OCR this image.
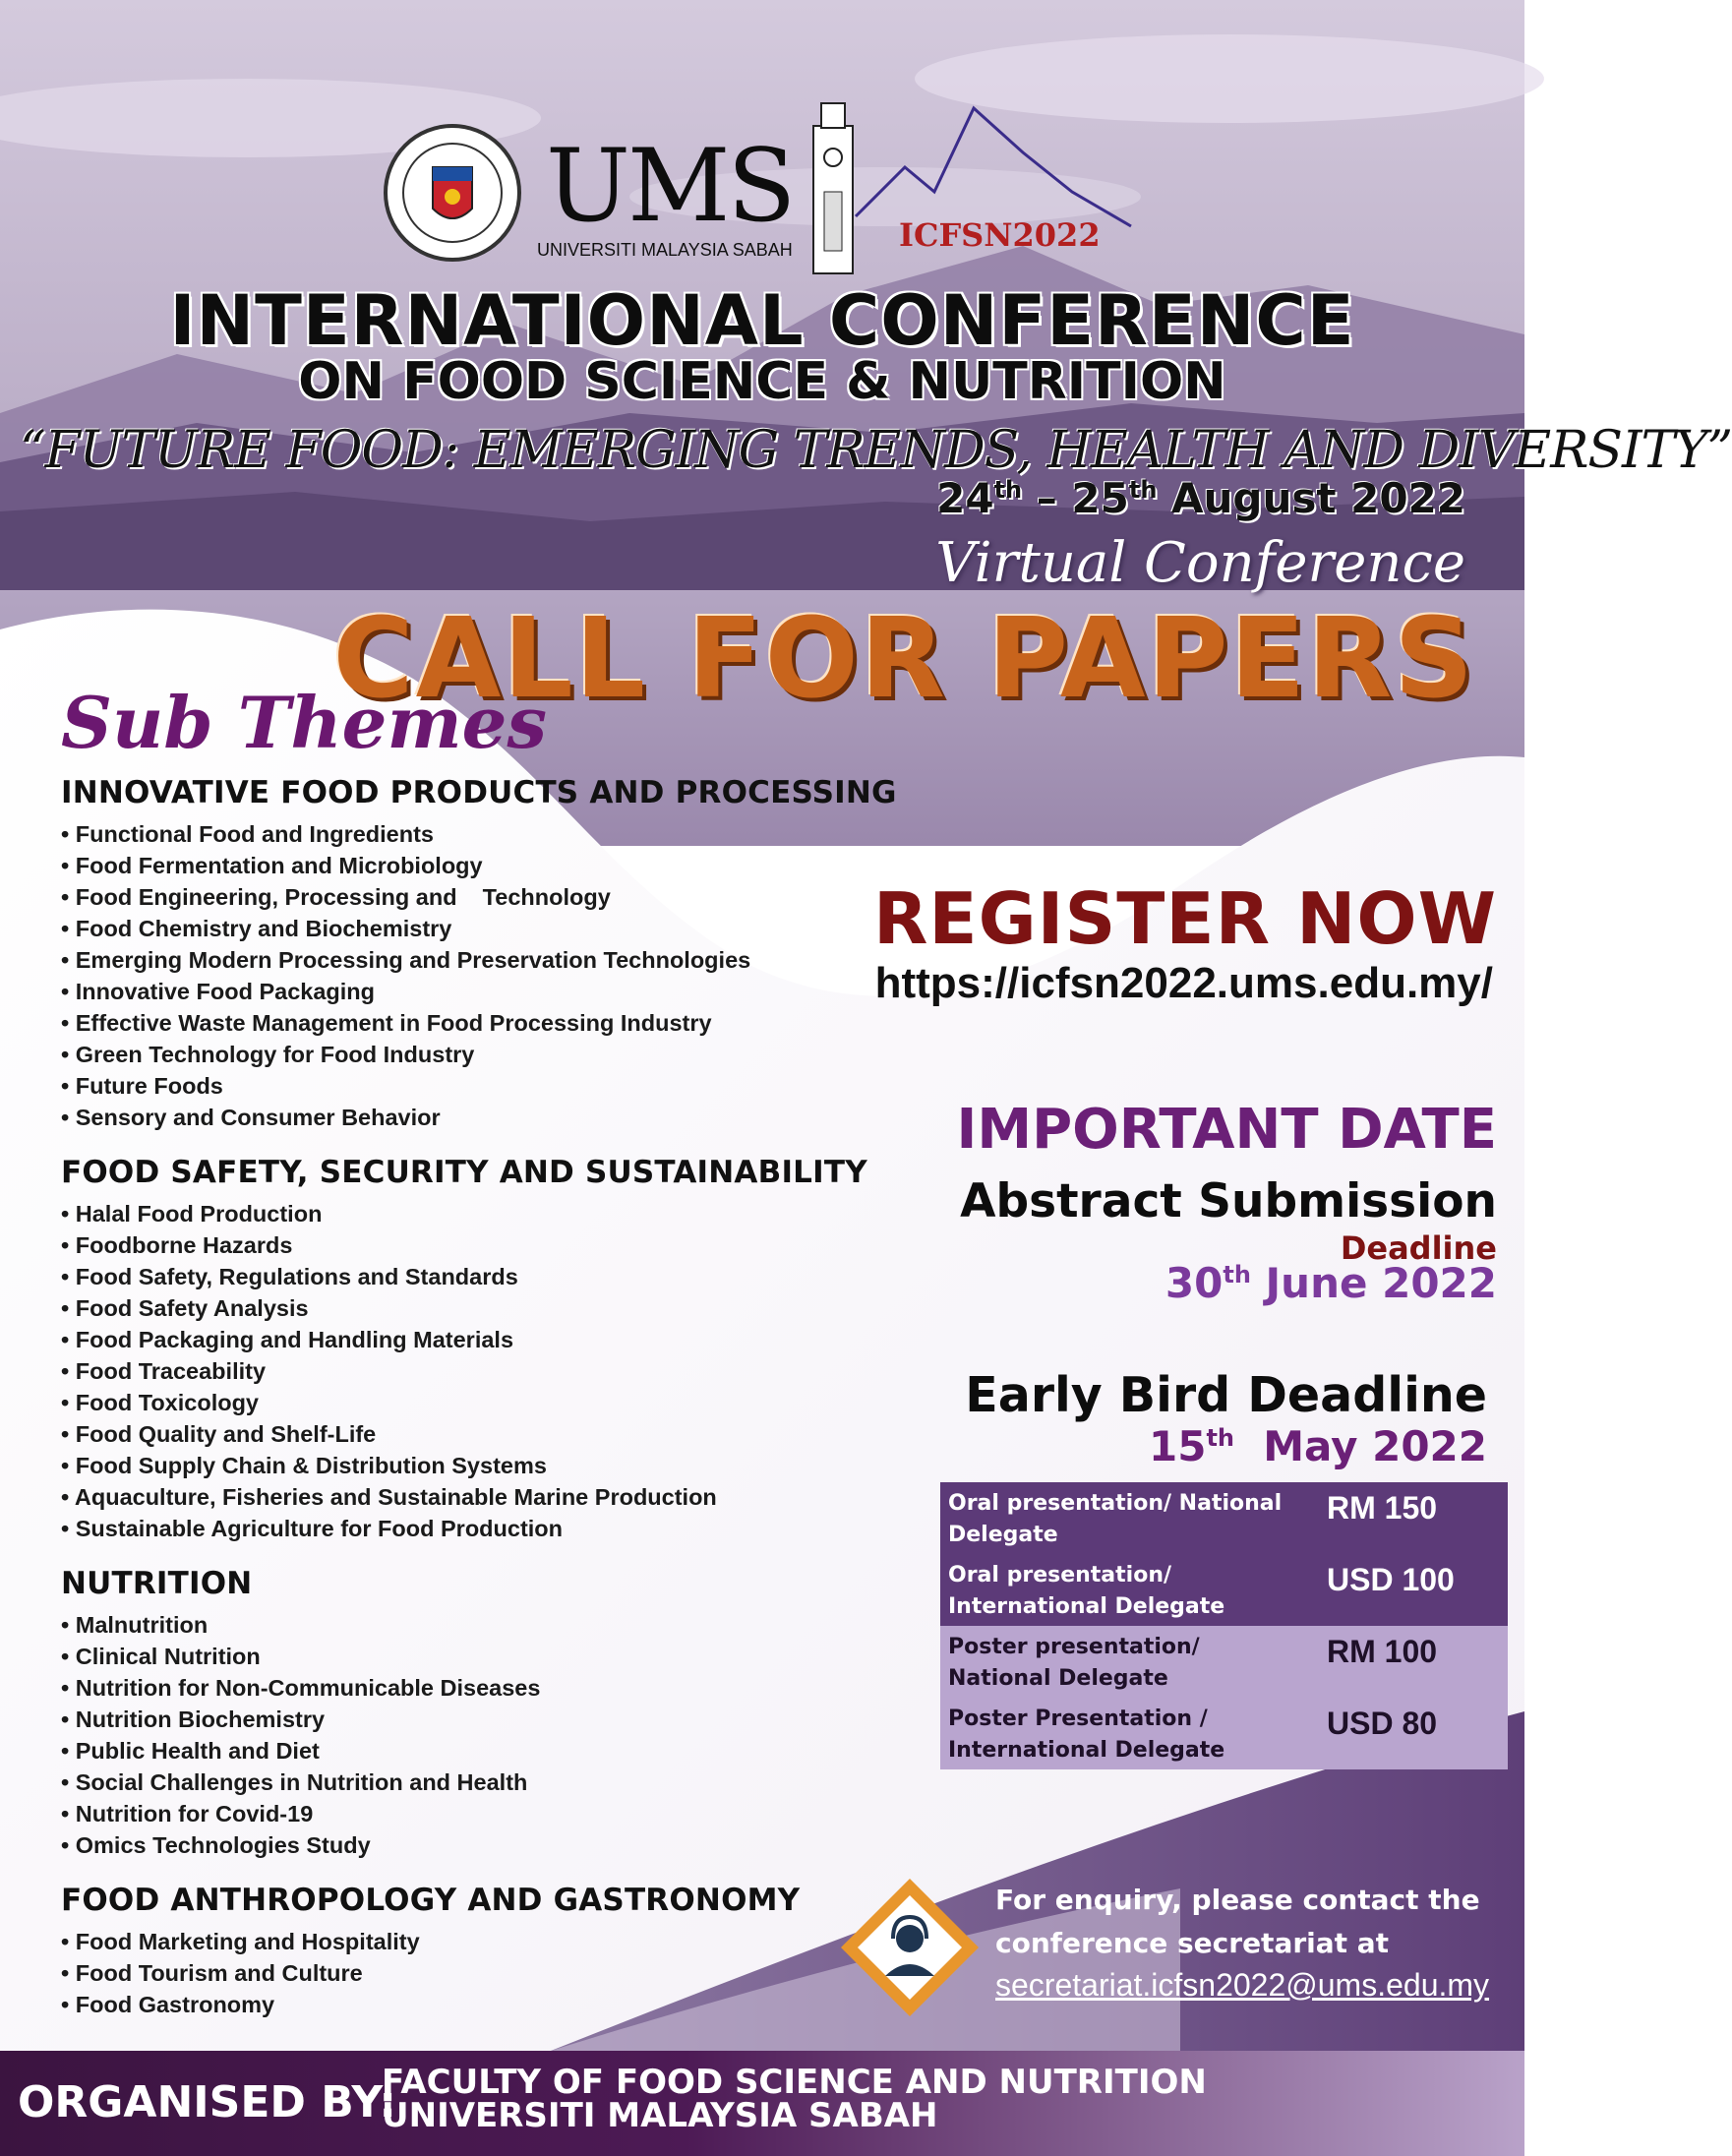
UMS
UNIVERSITI MALAYSIA SABAH	ICFSN2022
INTERNATIONAL CONFERENCE
ON FOOD SCIENCE & NUTRITION
“FUTURE FOOD: EMERGING TRENDS, HEALTH AND DIVERSITY”
24th – 25th August 2022
Virtual Conference
CALL FOR PAPERS
Sub Themes
INNOVATIVE FOOD PRODUCTS AND PROCESSING
• Functional Food and Ingredients
• Food Fermentation and Microbiology
• Food Engineering, Processing and    Technology
• Food Chemistry and Biochemistry
• Emerging Modern Processing and Preservation Technologies
• Innovative Food Packaging
• Effective Waste Management in Food Processing Industry
• Green Technology for Food Industry
• Future Foods
• Sensory and Consumer Behavior
FOOD SAFETY, SECURITY AND SUSTAINABILITY
• Halal Food Production
• Foodborne Hazards
• Food Safety, Regulations and Standards
• Food Safety Analysis
• Food Packaging and Handling Materials
• Food Traceability
• Food Toxicology
• Food Quality and Shelf-Life
• Food Supply Chain & Distribution Systems
• Aquaculture, Fisheries and Sustainable Marine Production
• Sustainable Agriculture for Food Production
NUTRITION
• Malnutrition
• Clinical Nutrition
• Nutrition for Non-Communicable Diseases
• Nutrition Biochemistry
• Public Health and Diet
• Social Challenges in Nutrition and Health
• Nutrition for Covid-19
• Omics Technologies Study
FOOD ANTHROPOLOGY AND GASTRONOMY
• Food Marketing and Hospitality
• Food Tourism and Culture
• Food Gastronomy
REGISTER NOW
https://icfsn2022.ums.edu.my/
IMPORTANT DATE
Abstract Submission
Deadline
30th June 2022
Early Bird Deadline
15th  May 2022
Oral presentation/ National Delegate	RM 150
Oral presentation/ International Delegate	USD 100
Poster presentation/ National Delegate	RM 100
Poster Presentation / International Delegate	USD 80
For enquiry, please contact the
conference secretariat at
secretariat.icfsn2022@ums.edu.my
ORGANISED BY:
FACULTY OF FOOD SCIENCE AND NUTRITION
UNIVERSITI MALAYSIA SABAH
